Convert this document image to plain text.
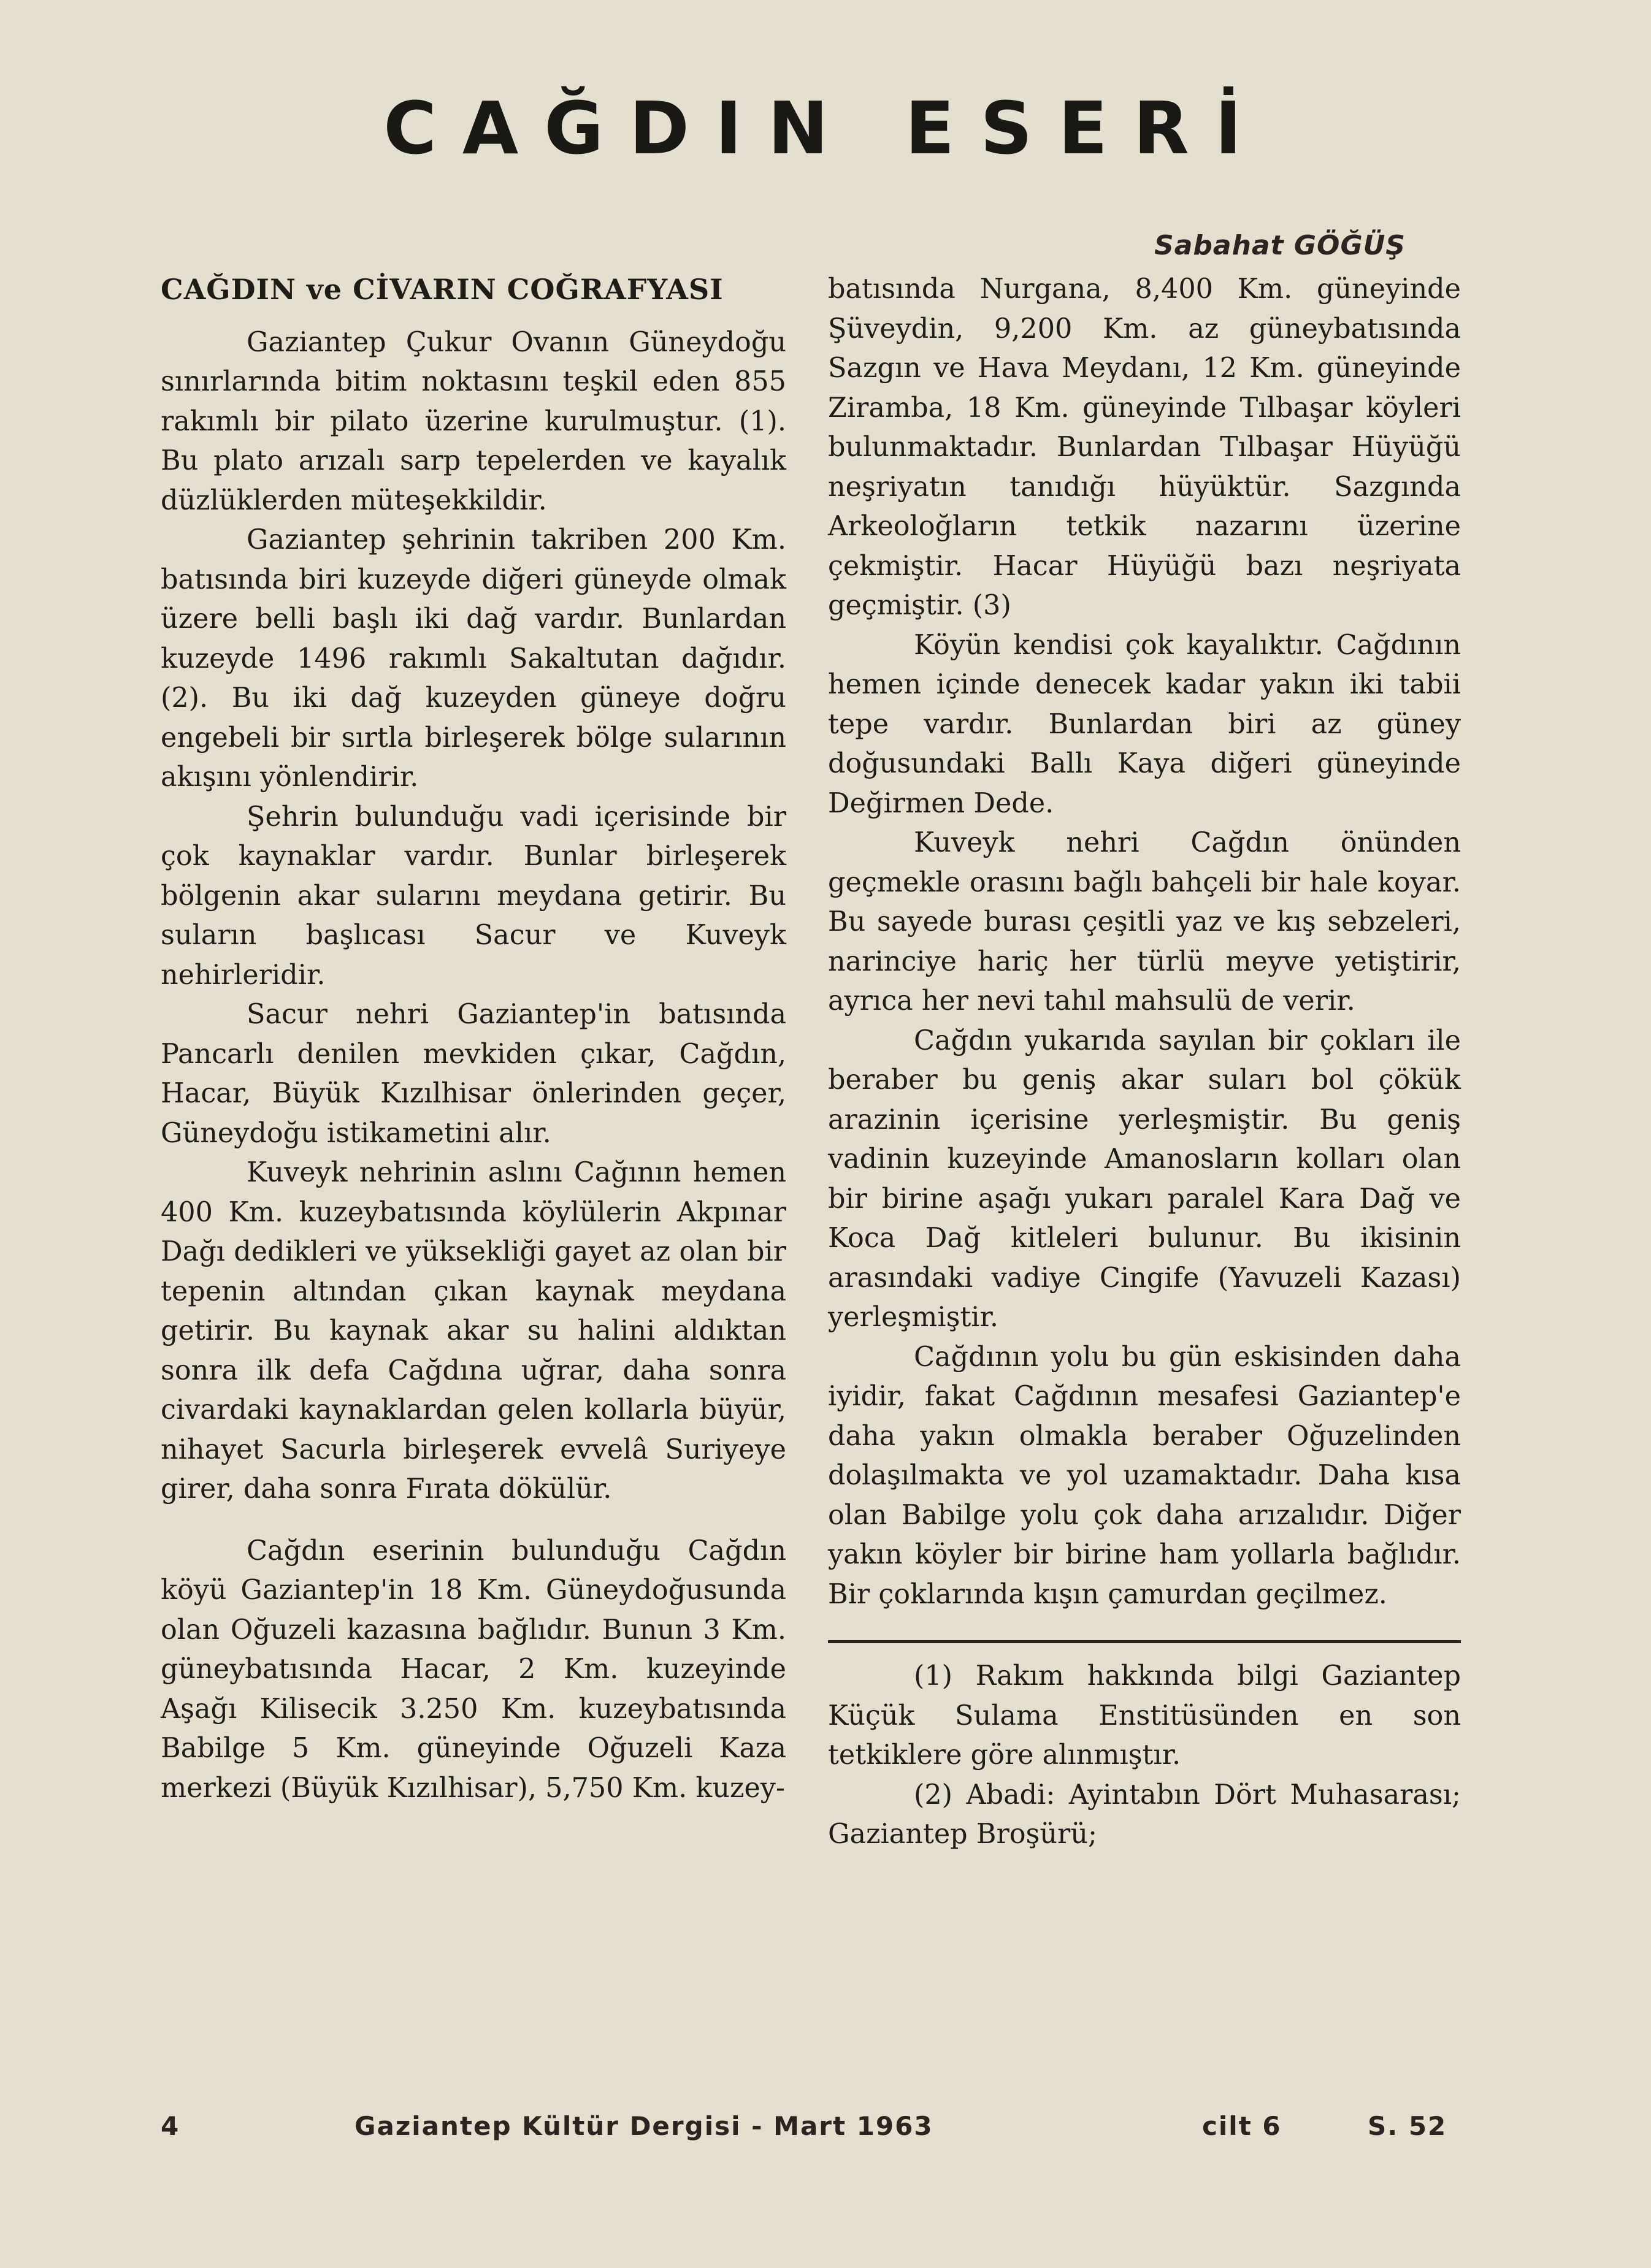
CAĞDIN ESERİ
Sabahat GÖĞÜŞ
CAĞDIN ve CİVARIN COĞRAFYASI

Gaziantep Çukur Ovanın Güneydoğu sınırlarında bitim noktasını teşkil eden 855 rakımlı bir pilato üzerine kurulmuştur. (1). Bu plato arızalı sarp tepelerden ve kayalık düzlüklerden müteşekkildir.

Gaziantep şehrinin takriben 200 Km. batısında biri kuzeyde diğeri güneyde olmak üzere belli başlı iki dağ vardır. Bunlardan kuzeyde 1496 rakımlı Sakaltutan dağıdır. (2). Bu iki dağ kuzeyden güneye doğru engebeli bir sırtla birleşerek bölge sularının akışını yönlendirir.

Şehrin bulunduğu vadi içerisinde bir çok kaynaklar vardır. Bunlar birleşerek bölgenin akar sularını meydana getirir. Bu suların başlıcası Sacur ve Kuveyk nehirleridir.

Sacur nehri Gaziantep'in batısında Pancarlı denilen mevkiden çıkar, Cağdın, Hacar, Büyük Kızılhisar önlerinden geçer, Güneydoğu istikametini alır.

Kuveyk nehrinin aslını Cağının hemen 400 Km. kuzeybatısında köylülerin Akpınar Dağı dedikleri ve yüksekliği gayet az olan bir tepenin altından çıkan kaynak meydana getirir. Bu kaynak akar su halini aldıktan sonra ilk defa Cağdına uğrar, daha sonra civardaki kaynaklardan gelen kollarla büyür, nihayet Sacurla birleşerek evvelâ Suriyeye girer, daha sonra Fırata dökülür.

Cağdın eserinin bulunduğu Cağdın köyü Gaziantep'in 18 Km. Güneydoğusunda olan Oğuzeli kazasına bağlıdır. Bunun 3 Km. güneybatısında Hacar, 2 Km. kuzeyinde Aşağı Kilisecik 3.250 Km. kuzeybatısında Babilge 5 Km. güneyinde Oğuzeli Kaza merkezi (Büyük Kızılhisar), 5,750 Km. kuzey-

batısında Nurgana, 8,400 Km. güneyinde Şüveydin, 9,200 Km. az güneybatısında Sazgın ve Hava Meydanı, 12 Km. güneyinde Ziramba, 18 Km. güneyinde Tılbaşar köyleri bulunmaktadır. Bunlardan Tılbaşar Hüyüğü neşriyatın tanıdığı hüyüktür. Sazgında Arkeoloğların tetkik nazarını üzerine çekmiştir. Hacar Hüyüğü bazı neşriyata geçmiştir. (3)

Köyün kendisi çok kayalıktır. Cağdının hemen içinde denecek kadar yakın iki tabii tepe vardır. Bunlardan biri az güney doğusundaki Ballı Kaya diğeri güneyinde Değirmen Dede.

Kuveyk nehri Cağdın önünden geçmekle orasını bağlı bahçeli bir hale koyar. Bu sayede burası çeşitli yaz ve kış sebzeleri, narinciye hariç her türlü meyve yetiştirir, ayrıca her nevi tahıl mahsulü de verir.

Cağdın yukarıda sayılan bir çokları ile beraber bu geniş akar suları bol çökük arazinin içerisine yerleşmiştir. Bu geniş vadinin kuzeyinde Amanosların kolları olan bir birine aşağı yukarı paralel Kara Dağ ve Koca Dağ kitleleri bulunur. Bu ikisinin arasındaki vadiye Cingife (Yavuzeli Kazası) yerleşmiştir.

Cağdının yolu bu gün eskisinden daha iyidir, fakat Cağdının mesafesi Gaziantep'e daha yakın olmakla beraber Oğuzelinden dolaşılmakta ve yol uzamaktadır. Daha kısa olan Babilge yolu çok daha arızalıdır. Diğer yakın köyler bir birine ham yollarla bağlıdır. Bir çoklarında kışın çamurdan geçilmez.

(1) Rakım hakkında bilgi Gaziantep Küçük Sulama Enstitüsünden en son tetkiklere göre alınmıştır.

(2) Abadi: Ayintabın Dört Muhasarası; Gaziantep Broşürü;

4	Gaziantep Kültür Dergisi - Mart 1963	cilt 6	S. 52
